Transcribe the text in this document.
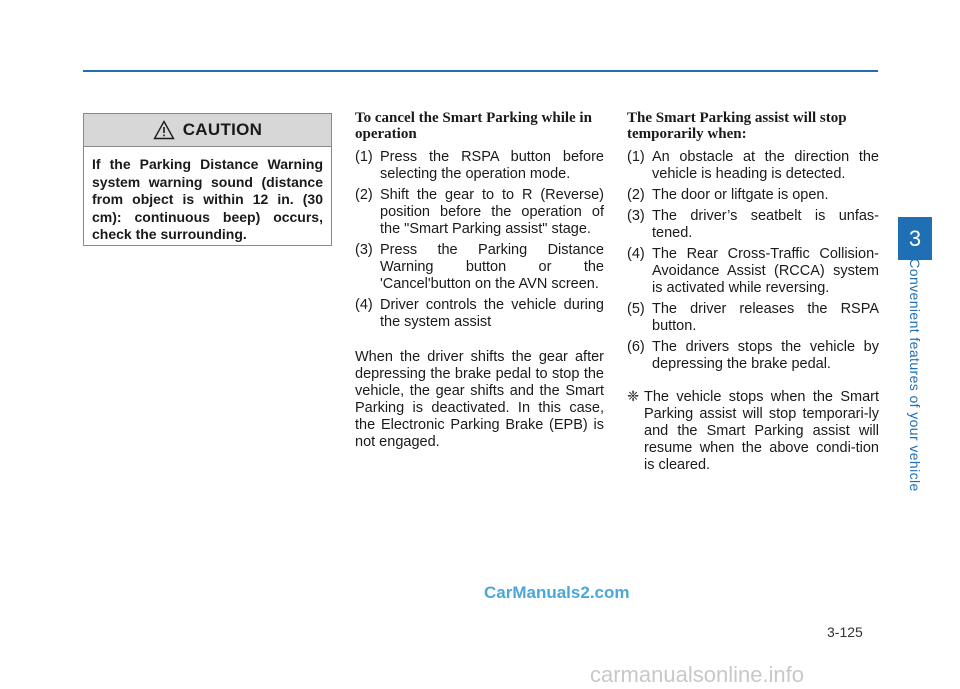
CAUTION
If the Parking Distance Warning system warning sound (distance from object is within 12 in. (30 cm): continuous beep) occurs, check the surrounding.
To cancel the Smart Parking while in operation
(1) Press the RSPA button before selecting the operation mode.
(2) Shift the gear to to R (Reverse) position before the operation of the "Smart Parking assist" stage.
(3) Press the Parking Distance Warning button or the 'Cancel'button on the AVN screen.
(4) Driver controls the vehicle during the system assist
When the driver shifts the gear after depressing the brake pedal to stop the vehicle, the gear shifts and the Smart Parking is deactivated. In this case, the Electronic Parking Brake (EPB) is not engaged.
The Smart Parking assist will stop temporarily when:
(1) An obstacle at the direction the vehicle is heading is detected.
(2) The door or liftgate is open.
(3) The driver’s seatbelt is unfas-tened.
(4) The Rear Cross-Traffic Collision-Avoidance Assist (RCCA) system is activated while reversing.
(5) The driver releases the RSPA button.
(6) The drivers stops the vehicle by depressing the brake pedal.
❈ The vehicle stops when the Smart Parking assist will stop temporari-ly and the Smart Parking assist will resume when the above condi-tion is cleared.
3
Convenient features of your vehicle
CarManuals2.com
3-125
carmanualsonline.info
